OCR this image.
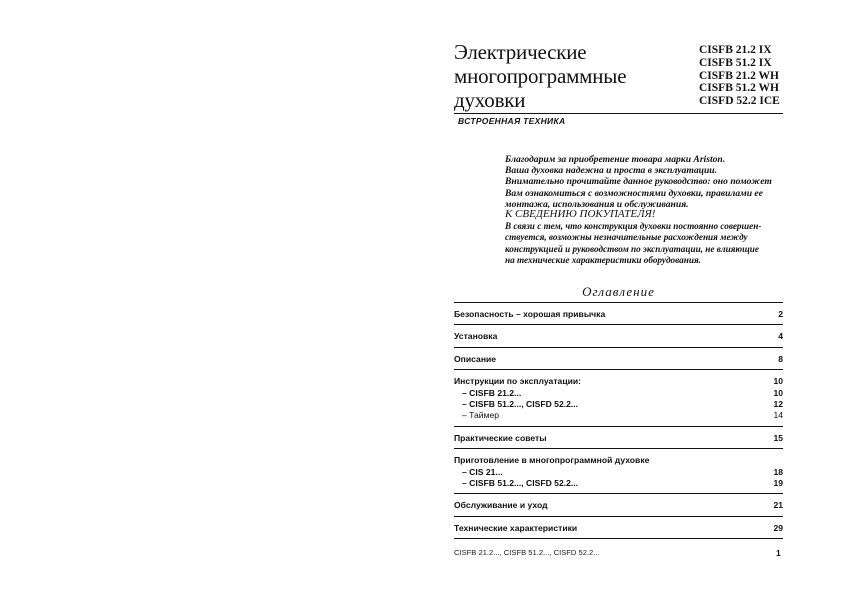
Электрические
многопрограммные
духовки
CISFB 21.2 IX
CISFB 51.2 IX
CISFB 21.2 WH
CISFB 51.2 WH
CISFD 52.2 ICE
ВСТРОЕННАЯ ТЕХНИКА

Благодарим за приобретение товара марки Ariston.

Ваша духовка надежна и проста в эксплуатации.

Внимательно прочитайте данное руководство: оно поможет

Вам ознакомиться с возможностями духовки, правилами ее

монтажа, использования и обслуживания.

К СВЕДЕНИЮ ПОКУПАТЕЛЯ!
В связи с тем, что конструкция духовки постоянно совершен-
ствуется, возможны незначительные расхождения между
конструкцией и руководством по эксплуатации, не влияющие
на технические характеристики оборудования.
Оглавление
Безопасность – хорошая привычка	2
Установка	4
Описание	8
Инструкции по эксплуатации:	10
– CISFB 21.2...	10
– CISFB 51.2..., CISFD 52.2...	12
– Таймер	14
Практические советы	15
Приготовление в многопрограммной духовке
– CIS 21...	18
– CISFB 51.2..., CISFD 52.2...	19
Обслуживание и уход	21
Технические характеристики	29
CISFB 21.2..., CISFB 51.2..., CISFD 52.2...	1
